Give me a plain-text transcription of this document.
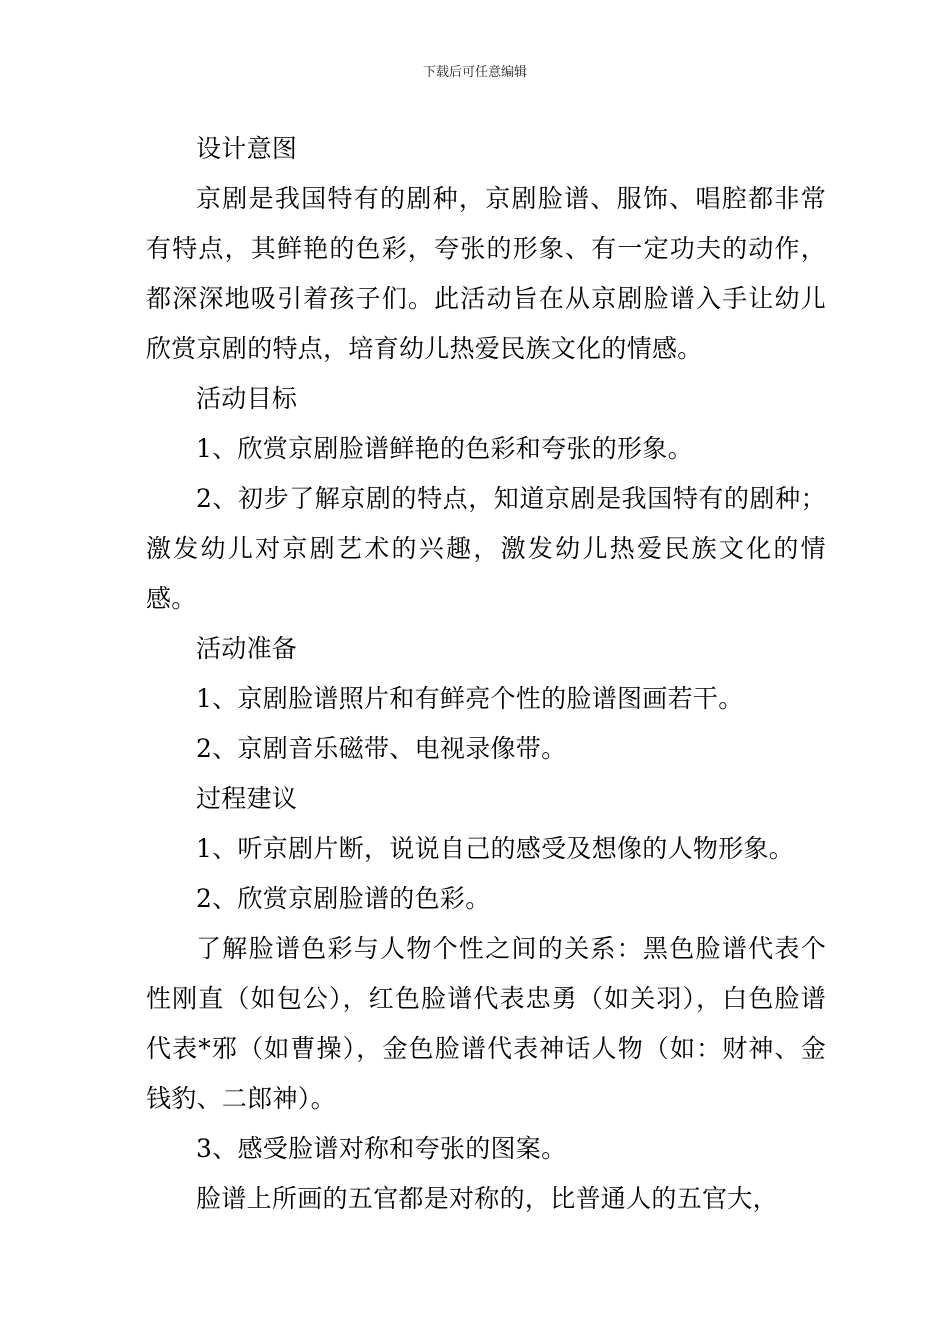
下载后可任意编辑

设计意图

京剧是我国特有的剧种，京剧脸谱、服饰、唱腔都非常有特点，其鲜艳的色彩，夸张的形象、有一定功夫的动作，都深深地吸引着孩子们。此活动旨在从京剧脸谱入手让幼儿欣赏京剧的特点，培育幼儿热爱民族文化的情感。

活动目标

1、欣赏京剧脸谱鲜艳的色彩和夸张的形象。

2、初步了解京剧的特点，知道京剧是我国特有的剧种；激发幼儿对京剧艺术的兴趣，激发幼儿热爱民族文化的情感。

活动准备

1、京剧脸谱照片和有鲜亮个性的脸谱图画若干。

2、京剧音乐磁带、电视录像带。

过程建议

1、听京剧片断，说说自己的感受及想像的人物形象。

2、欣赏京剧脸谱的色彩。

了解脸谱色彩与人物个性之间的关系：黑色脸谱代表个性刚直（如包公），红色脸谱代表忠勇（如关羽），白色脸谱代表*邪（如曹操），金色脸谱代表神话人物（如：财神、金钱豹、二郎神）。

3、感受脸谱对称和夸张的图案。

脸谱上所画的五官都是对称的，比普通人的五官大，
